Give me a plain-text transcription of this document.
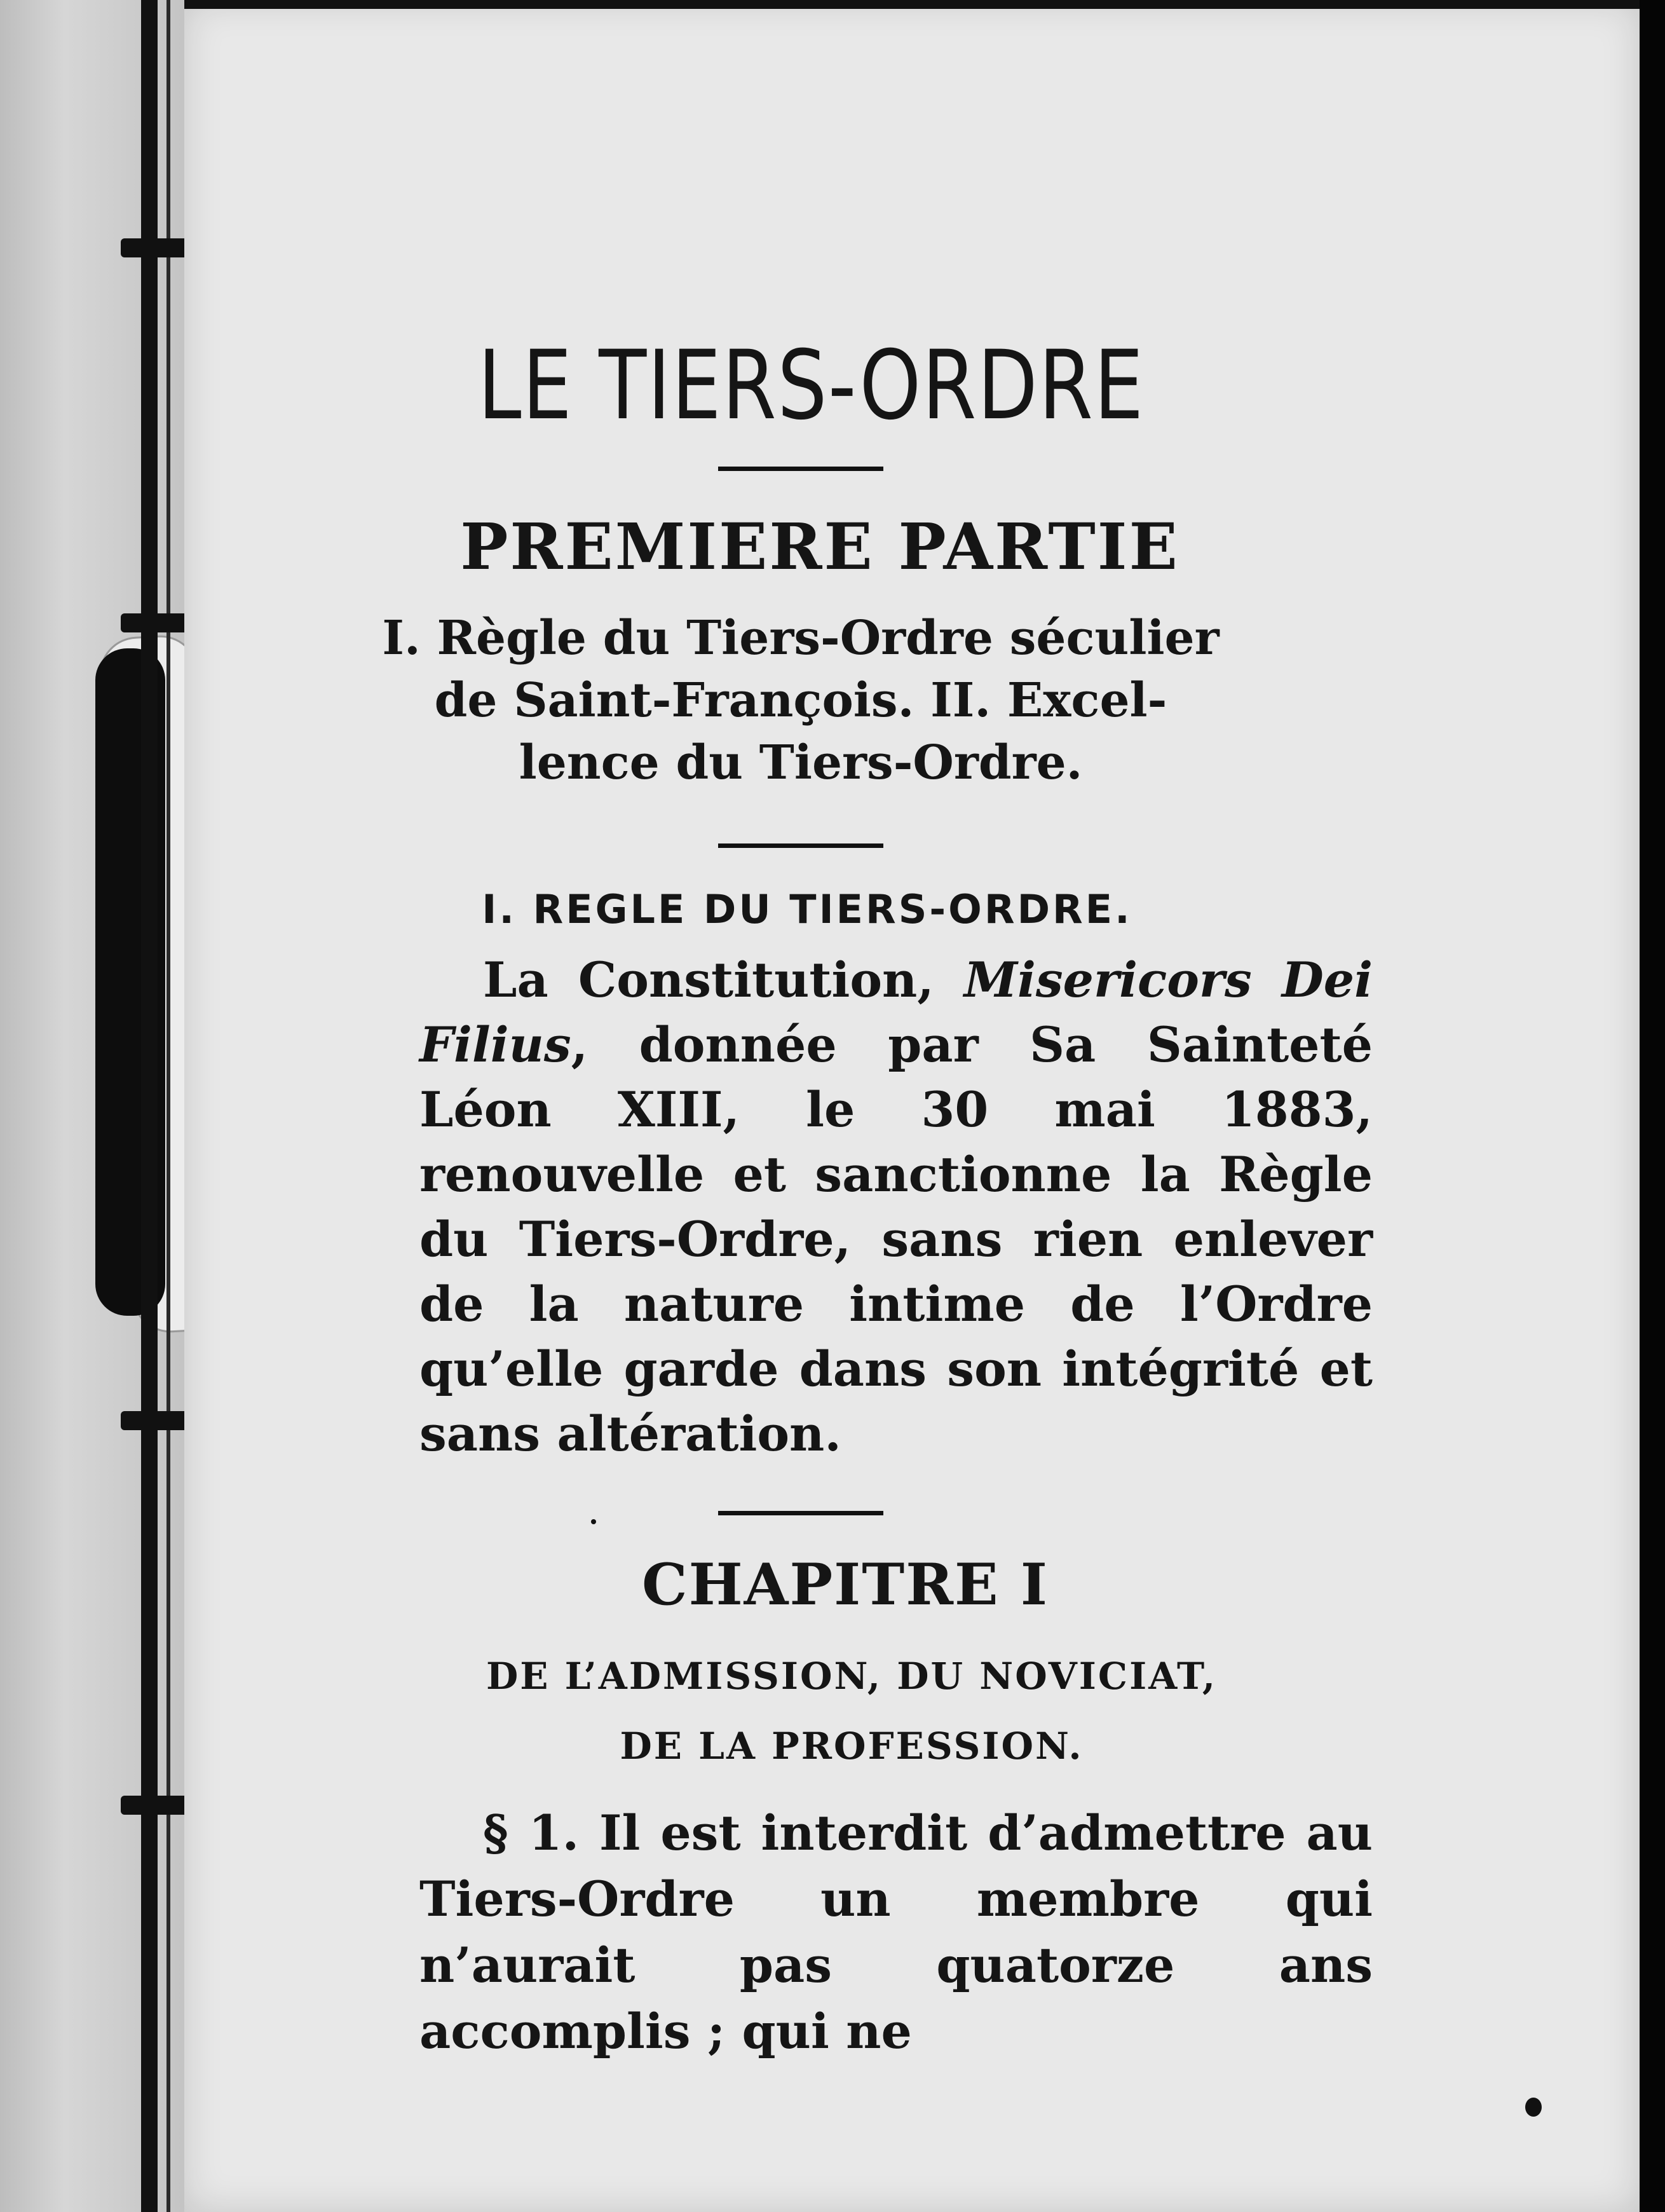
LE TIERS-ORDRE
PREMIERE PARTIE
I. Règle du Tiers-Ordre séculier
de Saint-François. II. Excel-
lence du Tiers-Ordre.
I. REGLE DU TIERS-ORDRE.

La Constitution, Misericors Dei Filius, donnée par Sa Sainteté Léon XIII, le 30 mai 1883, renouvelle et sanctionne la Règle du Tiers-Ordre, sans rien enlever de la nature intime de l’Ordre qu’elle garde dans son intégrité et sans altération.

CHAPITRE I
DE L’ADMISSION, DU NOVICIAT,
DE LA PROFESSION.

§ 1. Il est interdit d’admettre au Tiers-Ordre un membre qui n’aurait pas quatorze ans accomplis ; qui ne
